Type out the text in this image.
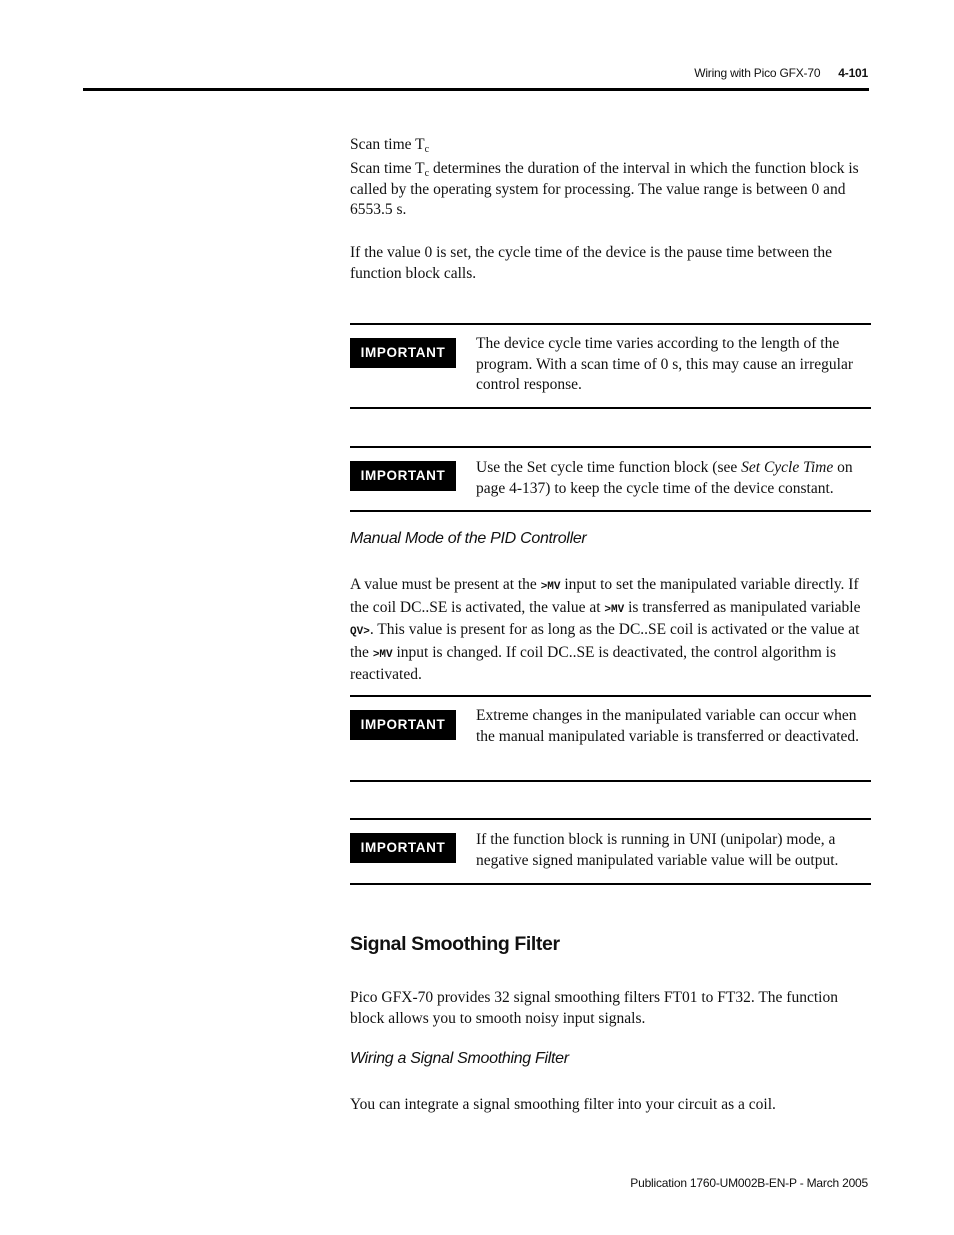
Wiring with Pico GFX-70 4-101

Scan time $T_c$

Scan time $T_c$ determines the duration of the interval in which the function block is called by the operating system for processing. The value range is between 0 and 6553.5 s.

If the value 0 is set, the cycle time of the device is the pause time between the function block calls.

IMPORTANT

The device cycle time varies according to the length of the program. With a scan time of 0 s, this may cause an irregular control response.

IMPORTANT	Use the Set cycle time function block (see Set Cycle Time on page 4-137) to keep the cycle time of the device constant.

Manual Mode of the PID Controller

A value must be present at the >MV input to set the manipulated variable directly. If the coil DC..SE is activated, the value at >MV is transferred as manipulated variable QV>. This value is present for as long as the DC..SE coil is activated or the value at the >MV input is changed. If coil DC..SE is deactivated, the control algorithm is reactivated.

IMPORTANT

Extreme changes in the manipulated variable can occur when the manual manipulated variable is transferred or deactivated.

IMPORTANT	If the function block is running in UNI (unipolar) mode, a negative signed manipulated variable value will be output.

Signal Smoothing Filter

Pico GFX-70 provides 32 signal smoothing filters FT01 to FT32. The function block allows you to smooth noisy input signals.

Wiring a Signal Smoothing Filter

You can integrate a signal smoothing filter into your circuit as a coil.

Publication 1760-UM002B-EN-P - March 2005
